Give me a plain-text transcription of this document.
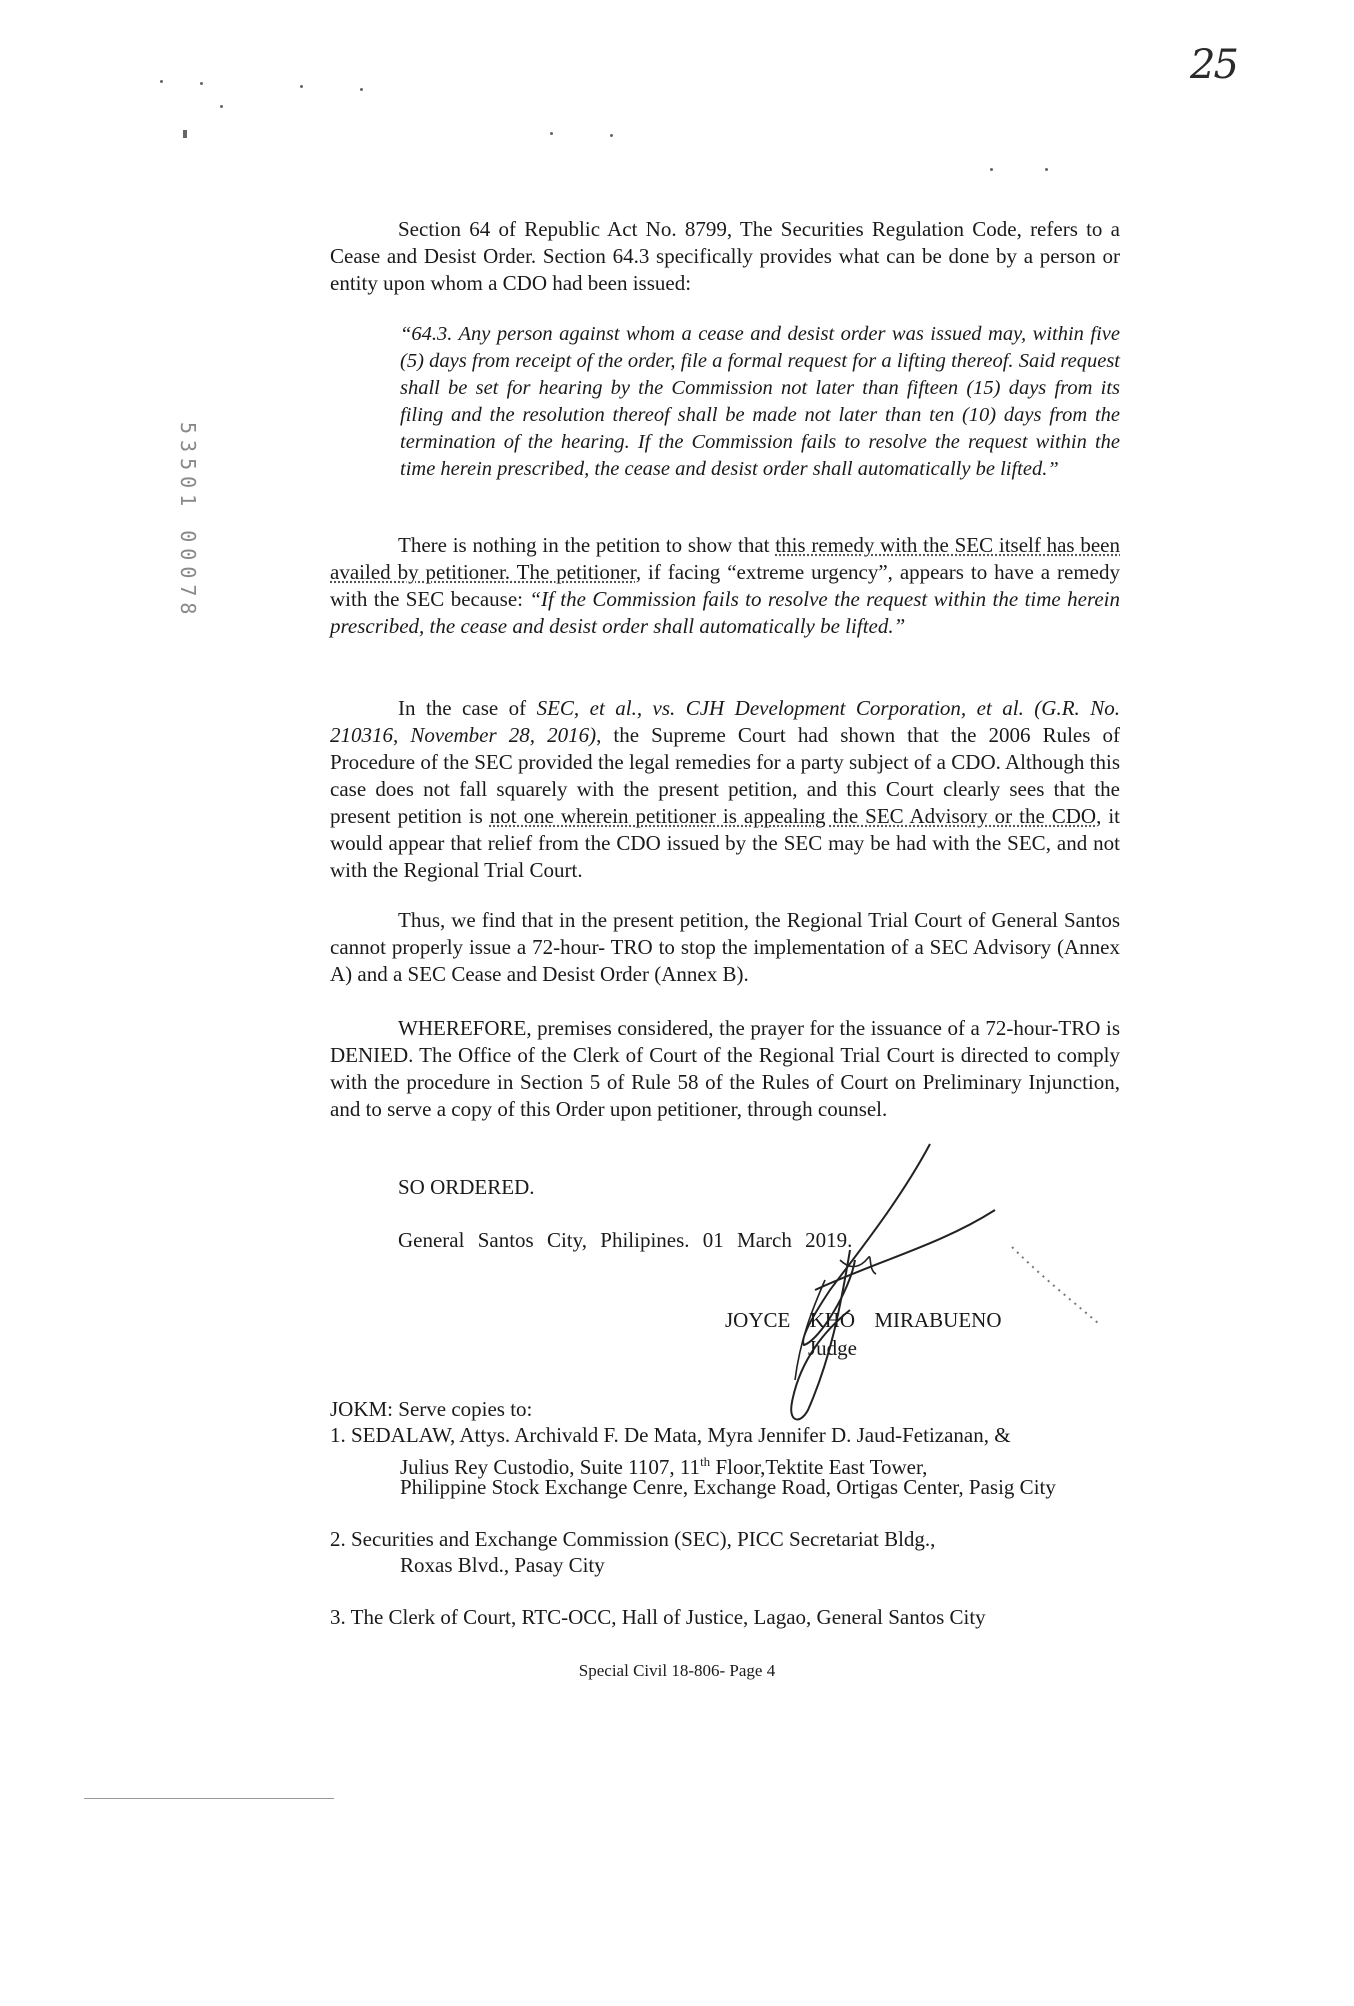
25
53501 00078
Section 64 of Republic Act No. 8799, The Securities Regulation Code, refers to a Cease and Desist Order. Section 64.3 specifically provides what can be done by a person or entity upon whom a CDO had been issued:
“64.3. Any person against whom a cease and desist order was issued may, within five (5) days from receipt of the order, file a formal request for a lifting thereof. Said request shall be set for hearing by the Commission not later than fifteen (15) days from its filing and the resolution thereof shall be made not later than ten (10) days from the termination of the hearing. If the Commission fails to resolve the request within the time herein prescribed, the cease and desist order shall automatically be lifted.”
There is nothing in the petition to show that this remedy with the SEC itself has been availed by petitioner. The petitioner, if facing “extreme urgency”, appears to have a remedy with the SEC because: “If the Commission fails to resolve the request within the time herein prescribed, the cease and desist order shall automatically be lifted.”
In the case of SEC, et al., vs. CJH Development Corporation, et al. (G.R. No. 210316, November 28, 2016), the Supreme Court had shown that the 2006 Rules of Procedure of the SEC provided the legal remedies for a party subject of a CDO. Although this case does not fall squarely with the present petition, and this Court clearly sees that the present petition is not one wherein petitioner is appealing the SEC Advisory or the CDO, it would appear that relief from the CDO issued by the SEC may be had with the SEC, and not with the Regional Trial Court.
Thus, we find that in the present petition, the Regional Trial Court of General Santos cannot properly issue a 72-hour- TRO to stop the implementation of a SEC Advisory (Annex A) and a SEC Cease and Desist Order (Annex B).
WHEREFORE, premises considered, the prayer for the issuance of a 72-hour-TRO is DENIED. The Office of the Clerk of Court of the Regional Trial Court is directed to comply with the procedure in Section 5 of Rule 58 of the Rules of Court on Preliminary Injunction, and to serve a copy of this Order upon petitioner, through counsel.
SO ORDERED.
General Santos City, Philipines. 01 March 2019.
JOYCE KHO MIRABUENO
Judge
JOKM: Serve copies to:
1. SEDALAW, Attys. Archivald F. De Mata, Myra Jennifer D. Jaud-Fetizanan, &
Julius Rey Custodio, Suite 1107, 11th Floor,Tektite East Tower,
Philippine Stock Exchange Cenre, Exchange Road, Ortigas Center, Pasig City
2. Securities and Exchange Commission (SEC), PICC Secretariat Bldg.,
Roxas Blvd., Pasay City
3. The Clerk of Court, RTC-OCC, Hall of Justice, Lagao, General Santos City
Special Civil 18-806- Page 4
